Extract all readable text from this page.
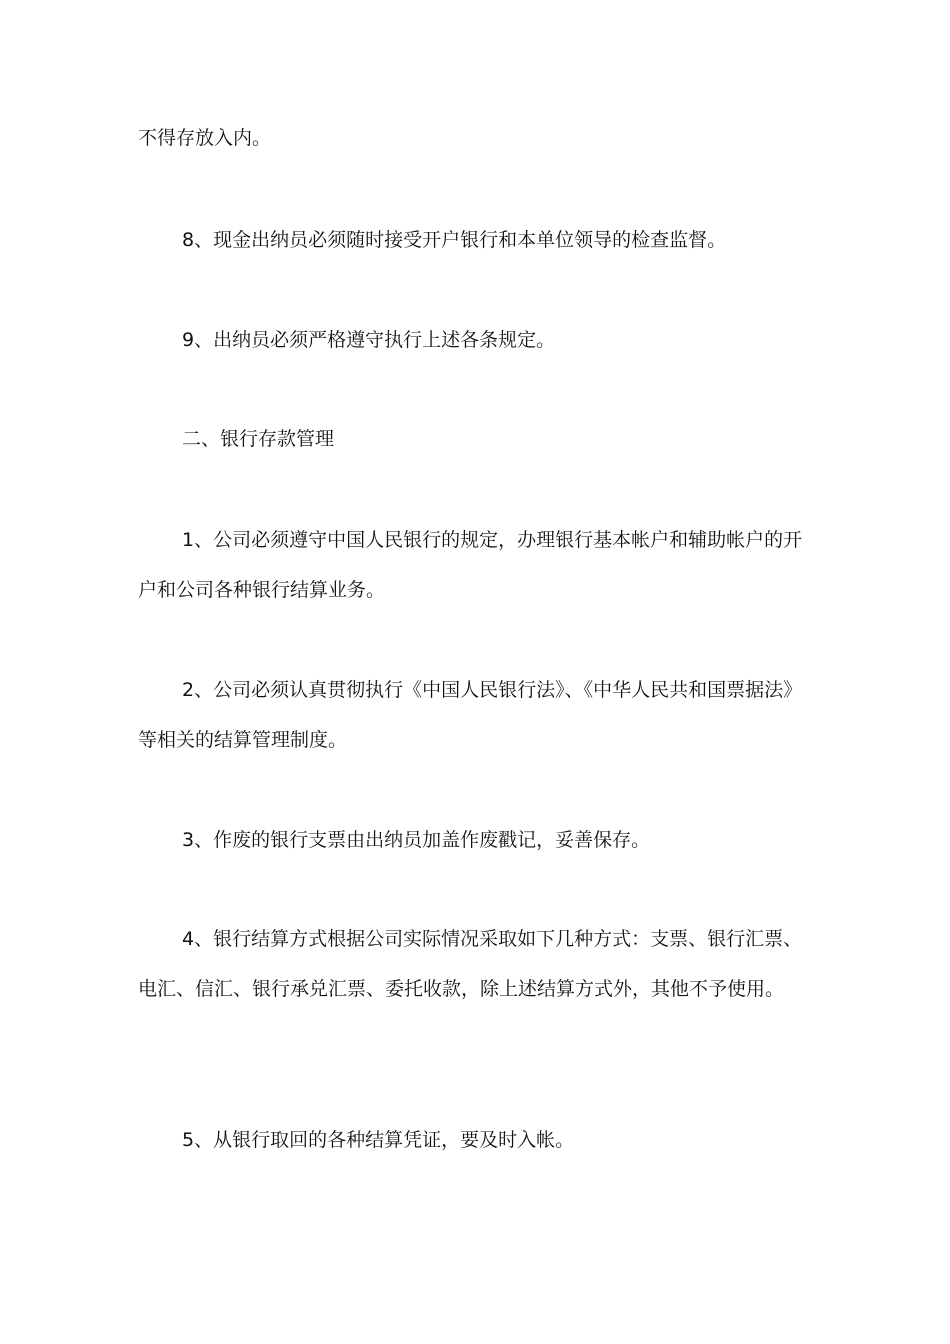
不得存放入内。

8、现金出纳员必须随时接受开户银行和本单位领导的检查监督。

9、出纳员必须严格遵守执行上述各条规定。

二、银行存款管理

1、公司必须遵守中国人民银行的规定，办理银行基本帐户和辅助帐户的开户和公司各种银行结算业务。

2、公司必须认真贯彻执行《中国人民银行法》、《中华人民共和国票据法》等相关的结算管理制度。

3、作废的银行支票由出纳员加盖作废戳记，妥善保存。

4、银行结算方式根据公司实际情况采取如下几种方式：支票、银行汇票、电汇、信汇、银行承兑汇票、委托收款，除上述结算方式外，其他不予使用。

5、从银行取回的各种结算凭证，要及时入帐。
